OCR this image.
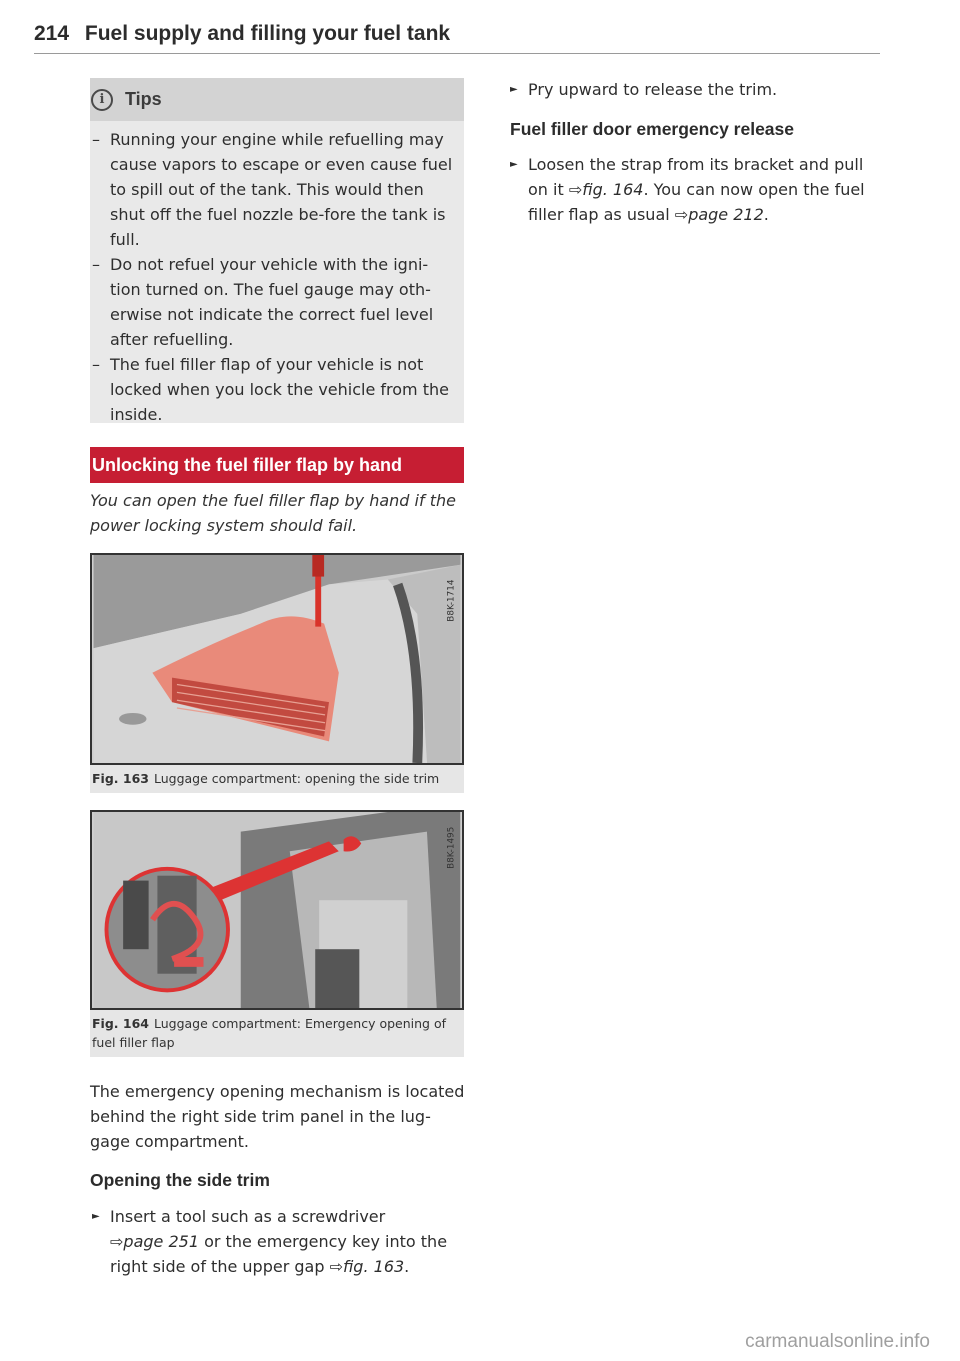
214 Fuel supply and filling your fuel tank
i	Tips
– Running your engine while refuelling may cause vapors to escape or even cause fuel to spill out of the tank. This would then shut off the fuel nozzle be-fore the tank is full.
– Do not refuel your vehicle with the igni-tion turned on. The fuel gauge may oth-erwise not indicate the correct fuel level after refuelling.
– The fuel filler flap of your vehicle is not locked when you lock the vehicle from the inside.
Unlocking the fuel filler flap by hand
You can open the fuel filler flap by hand if the power locking system should fail.
B8K-1714
Fig. 163 Luggage compartment: opening the side trim
B8K-1495
Fig. 164 Luggage compartment: Emergency opening of fuel filler flap
The emergency opening mechanism is located behind the right side trim panel in the lug-gage compartment.
Opening the side trim
► Insert a tool such as a screwdriver
⇨page 251 or the emergency key into the right side of the upper gap ⇨fig. 163.
► Pry upward to release the trim.
Fuel filler door emergency release
► Loosen the strap from its bracket and pull on it ⇨fig. 164. You can now open the fuel filler flap as usual ⇨page 212.
carmanualsonline.info
